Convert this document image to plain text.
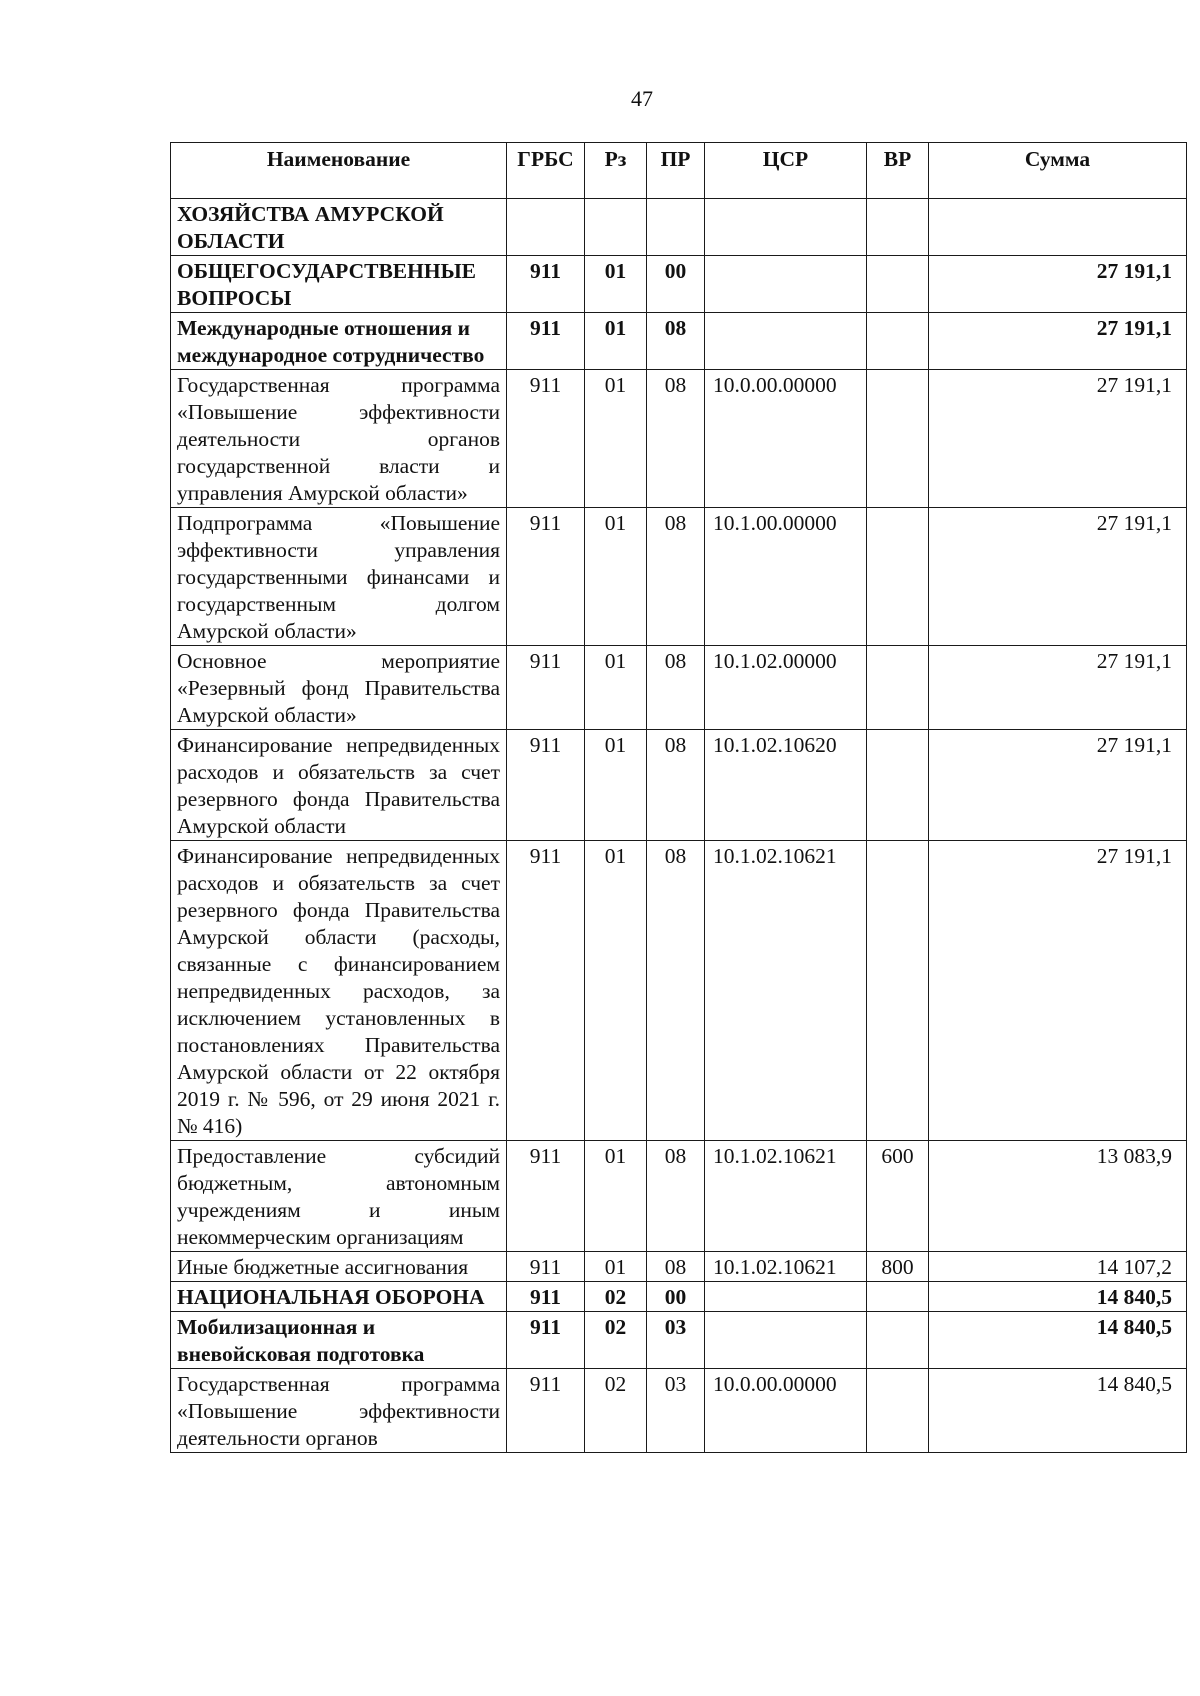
47
Наименование	ГРБС	Рз	ПР	ЦСР	ВР	Сумма
ХОЗЯЙСТВА АМУРСКОЙ ОБЛАСТИ						
ОБЩЕГОСУДАРСТВЕННЫЕ ВОПРОСЫ	911	01	00			27 191,1
Международные отношения и международное сотрудничество	911	01	08			27 191,1
Государственная программа «Повышение эффективности деятельности органов государственной власти и управления Амурской области»	911	01	08	10.0.00.00000		27 191,1
Подпрограмма «Повышение эффективности управления государственными финансами и государственным долгом Амурской области»	911	01	08	10.1.00.00000		27 191,1
Основное мероприятие «Резервный фонд Правительства Амурской области»	911	01	08	10.1.02.00000		27 191,1
Финансирование непредвиденных расходов и обязательств за счет резервного фонда Правительства Амурской области	911	01	08	10.1.02.10620		27 191,1
Финансирование непредвиденных расходов и обязательств за счет резервного фонда Правительства Амурской области (расходы, связанные с финансированием непредвиденных расходов, за исключением установленных в постановлениях Правительства Амурской области от 22 октября 2019 г. № 596, от 29 июня 2021 г. № 416)	911	01	08	10.1.02.10621		27 191,1
Предоставление субсидий бюджетным, автономным учреждениям и иным некоммерческим организациям	911	01	08	10.1.02.10621	600	13 083,9
Иные бюджетные ассигнования	911	01	08	10.1.02.10621	800	14 107,2
НАЦИОНАЛЬНАЯ ОБОРОНА	911	02	00			14 840,5
Мобилизационная и вневойсковая подготовка	911	02	03			14 840,5
Государственная программа «Повышение эффективности деятельности органов	911	02	03	10.0.00.00000		14 840,5
